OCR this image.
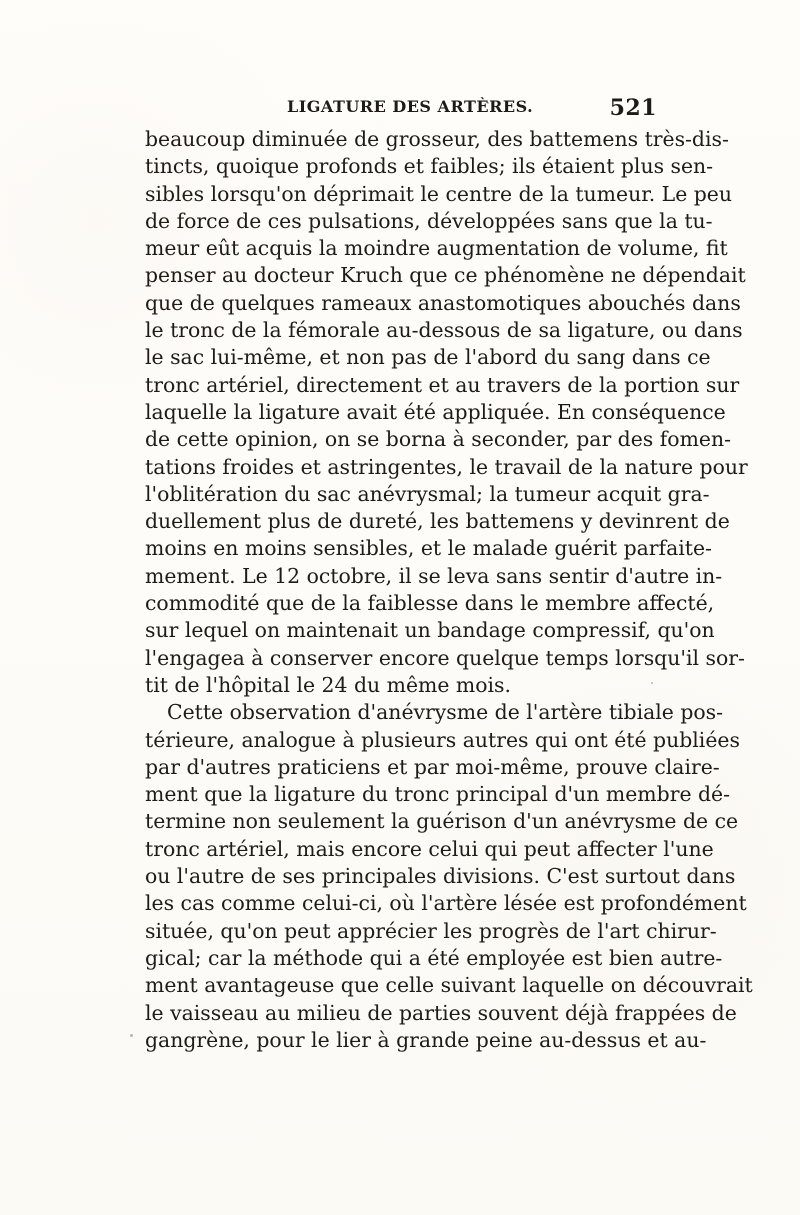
LIGATURE DES ARTÈRES.	521
beaucoup diminuée de grosseur, des battemens très-dis-
tincts, quoique profonds et faibles; ils étaient plus sen-
sibles lorsqu'on déprimait le centre de la tumeur. Le peu
de force de ces pulsations, développées sans que la tu-
meur eût acquis la moindre augmentation de volume, fit
penser au docteur Kruch que ce phénomène ne dépendait
que de quelques rameaux anastomotiques abouchés dans
le tronc de la fémorale au-dessous de sa ligature, ou dans
le sac lui-même, et non pas de l'abord du sang dans ce
tronc artériel, directement et au travers de la portion sur
laquelle la ligature avait été appliquée. En conséquence
de cette opinion, on se borna à seconder, par des fomen-
tations froides et astringentes, le travail de la nature pour
l'oblitération du sac anévrysmal; la tumeur acquit gra-
duellement plus de dureté, les battemens y devinrent de
moins en moins sensibles, et le malade guérit parfaite-
mement. Le 12 octobre, il se leva sans sentir d'autre in-
commodité que de la faiblesse dans le membre affecté,
sur lequel on maintenait un bandage compressif, qu'on
l'engagea à conserver encore quelque temps lorsqu'il sor-
tit de l'hôpital le 24 du même mois.
Cette observation d'anévrysme de l'artère tibiale pos-
térieure, analogue à plusieurs autres qui ont été publiées
par d'autres praticiens et par moi-même, prouve claire-
ment que la ligature du tronc principal d'un membre dé-
termine non seulement la guérison d'un anévrysme de ce
tronc artériel, mais encore celui qui peut affecter l'une
ou l'autre de ses principales divisions. C'est surtout dans
les cas comme celui-ci, où l'artère lésée est profondément
située, qu'on peut apprécier les progrès de l'art chirur-
gical; car la méthode qui a été employée est bien autre-
ment avantageuse que celle suivant laquelle on découvrait
le vaisseau au milieu de parties souvent déjà frappées de
gangrène, pour le lier à grande peine au-dessus et au-
